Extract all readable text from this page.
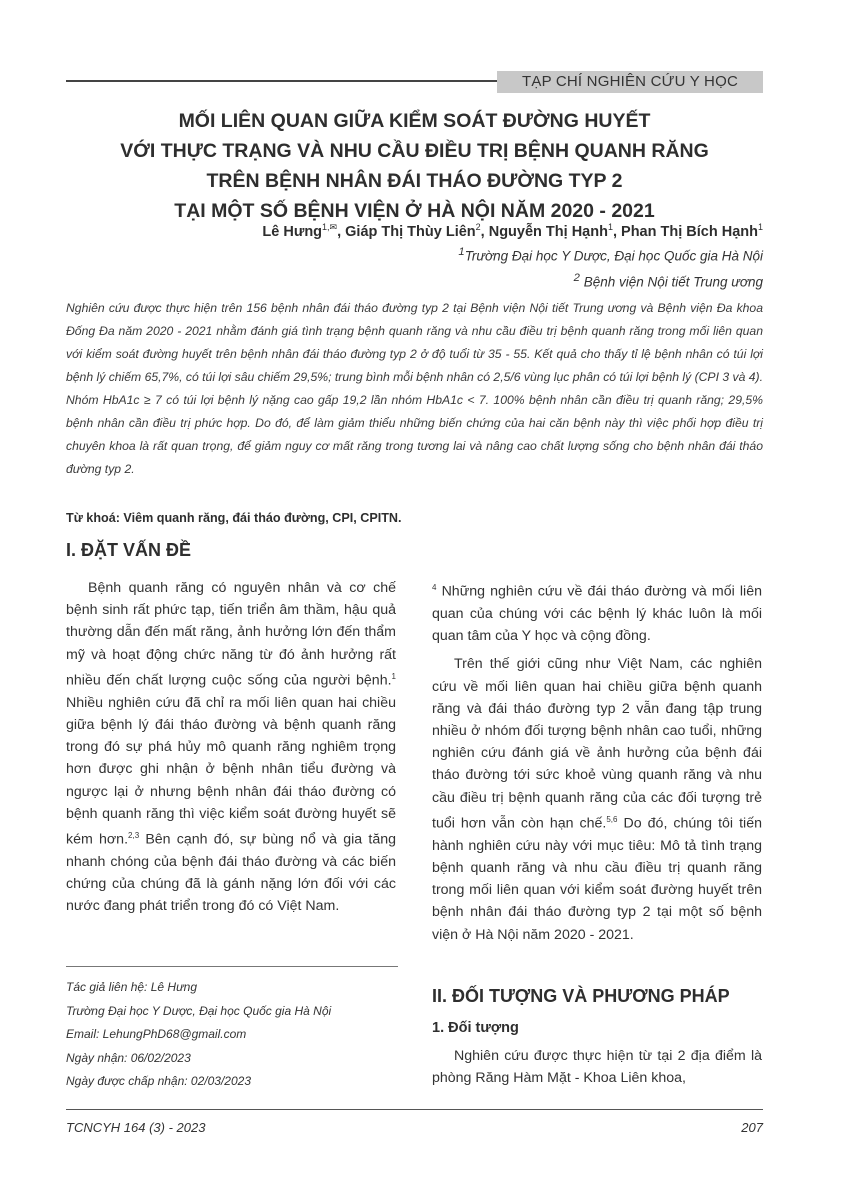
TẠP CHÍ NGHIÊN CỨU Y HỌC
MỐI LIÊN QUAN GIỮA KIỂM SOÁT ĐƯỜNG HUYẾT
VỚI THỰC TRẠNG VÀ NHU CẦU ĐIỀU TRỊ BỆNH QUANH RĂNG
TRÊN BỆNH NHÂN ĐÁI THÁO ĐƯỜNG TYP 2
TẠI MỘT SỐ BỆNH VIỆN Ở HÀ NỘI NĂM 2020 - 2021
Lê Hưng$^{1,✉}$, Giáp Thị Thùy Liên$^2$, Nguyễn Thị Hạnh$^1$, Phan Thị Bích Hạnh$^1$
$^1$Trường Đại học Y Dược, Đại học Quốc gia Hà Nội
$^2$ Bệnh viện Nội tiết Trung ương
Nghiên cứu được thực hiện trên 156 bệnh nhân đái tháo đường typ 2 tại Bệnh viện Nội tiết Trung ương và Bệnh viện Đa khoa Đống Đa năm 2020 - 2021 nhằm đánh giá tình trạng bệnh quanh răng và nhu cầu điều trị bệnh quanh răng trong mối liên quan với kiểm soát đường huyết trên bệnh nhân đái tháo đường typ 2 ở độ tuổi từ 35 - 55. Kết quả cho thấy tỉ lệ bệnh nhân có túi lợi bệnh lý chiếm 65,7%, có túi lợi sâu chiếm 29,5%; trung bình mỗi bệnh nhân có 2,5/6 vùng lục phân có túi lợi bệnh lý (CPI 3 và 4). Nhóm HbA1c ≥ 7 có túi lợi bệnh lý nặng cao gấp 19,2 lần nhóm HbA1c < 7. 100% bệnh nhân cần điều trị quanh răng; 29,5% bệnh nhân cần điều trị phức hợp. Do đó, để làm giảm thiểu những biến chứng của hai căn bệnh này thì việc phối hợp điều trị chuyên khoa là rất quan trọng, để giảm nguy cơ mất răng trong tương lai và nâng cao chất lượng sống cho bệnh nhân đái tháo đường typ 2.
Từ khoá: Viêm quanh răng, đái tháo đường, CPI, CPITN.
I. ĐẶT VẤN ĐỀ

Bệnh quanh răng có nguyên nhân và cơ chế bệnh sinh rất phức tạp, tiến triển âm thầm, hậu quả thường dẫn đến mất răng, ảnh hưởng lớn đến thẩm mỹ và hoạt động chức năng từ đó ảnh hưởng rất nhiều đến chất lượng cuộc sống của người bệnh.$^1$ Nhiều nghiên cứu đã chỉ ra mối liên quan hai chiều giữa bệnh lý đái tháo đường và bệnh quanh răng trong đó sự phá hủy mô quanh răng nghiêm trọng hơn được ghi nhận ở bệnh nhân tiểu đường và ngược lại ở nhưng bệnh nhân đái tháo đường có bệnh quanh răng thì việc kiểm soát đường huyết sẽ kém hơn.$^{2,3}$ Bên cạnh đó, sự bùng nổ và gia tăng nhanh chóng của bệnh đái tháo đường và các biến chứng của chúng đã là gánh nặng lớn đối với các nước đang phát triển trong đó có Việt Nam.

$^4$ Những nghiên cứu về đái tháo đường và mối liên quan của chúng với các bệnh lý khác luôn là mối quan tâm của Y học và cộng đồng.

Trên thế giới cũng như Việt Nam, các nghiên cứu về mối liên quan hai chiều giữa bệnh quanh răng và đái tháo đường typ 2 vẫn đang tập trung nhiều ở nhóm đối tượng bệnh nhân cao tuổi, những nghiên cứu đánh giá về ảnh hưởng của bệnh đái tháo đường tới sức khoẻ vùng quanh răng và nhu cầu điều trị bệnh quanh răng của các đối tượng trẻ tuổi hơn vẫn còn hạn chế.$^{5,6}$ Do đó, chúng tôi tiến hành nghiên cứu này với mục tiêu: Mô tả tình trạng bệnh quanh răng và nhu cầu điều trị quanh răng trong mối liên quan với kiểm soát đường huyết trên bệnh nhân đái tháo đường typ 2 tại một số bệnh viện ở Hà Nội năm 2020 - 2021.

II. ĐỐI TƯỢNG VÀ PHƯƠNG PHÁP
1. Đối tượng

Nghiên cứu được thực hiện từ tại 2 địa điểm là phòng Răng Hàm Mặt - Khoa Liên khoa,

Tác giả liên hệ: Lê Hưng
Trường Đại học Y Dược, Đại học Quốc gia Hà Nội
Email: LehungPhD68@gmail.com
Ngày nhận: 06/02/2023
Ngày được chấp nhận: 02/03/2023
TCNCYH 164 (3) - 2023	207
